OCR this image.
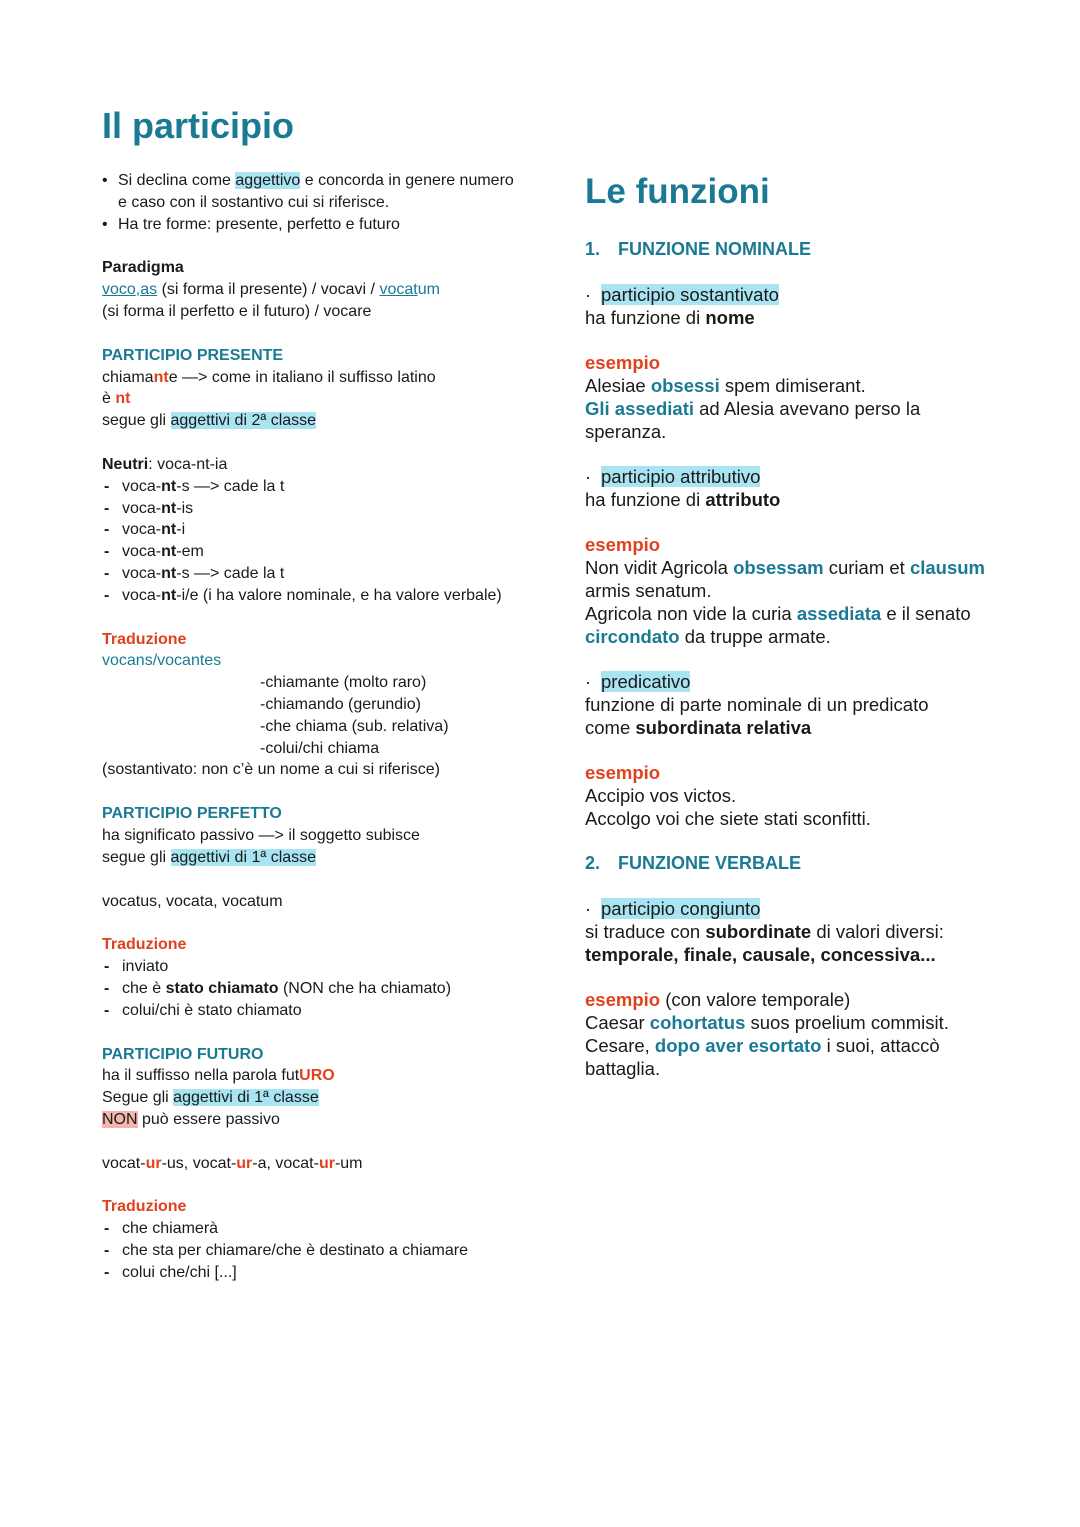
Il participio
• Si declina come aggettivo e concorda in genere numero e caso con il sostantivo cui si riferisce.
• Ha tre forme: presente, perfetto e futuro

Paradigma

voco,as (si forma il presente) / vocavi / vocatum

(si forma il perfetto e il futuro) / vocare

PARTICIPIO PRESENTE

chiamante —> come in italiano il suffisso latino

è nt

segue gli aggettivi di 2ª classe

Neutri: voca-nt-ia

- voca-nt-s —> cade la t
- voca-nt-is
- voca-nt-i
- voca-nt-em
- voca-nt-s —> cade la t
- voca-nt-i/e (i ha valore nominale, e ha valore verbale)

Traduzione

vocans/vocantes

-chiamante (molto raro)

-chiamando (gerundio)

-che chiama (sub. relativa)

-colui/chi chiama

(sostantivato: non c’è un nome a cui si riferisce)

PARTICIPIO PERFETTO

ha significato passivo —> il soggetto subisce

segue gli aggettivi di 1ª classe

vocatus, vocata, vocatum

Traduzione

- inviato
- che è stato chiamato (NON che ha chiamato)
- colui/chi è stato chiamato

PARTICIPIO FUTURO

ha il suffisso nella parola futURO

Segue gli aggettivi di 1ª classe

NON può essere passivo

vocat-ur-us, vocat-ur-a, vocat-ur-um

Traduzione

- che chiamerà
- che sta per chiamare/che è destinato a chiamare
- colui che/chi [...]
Le funzioni

1. FUNZIONE NOMINALE

· participio sostantivato

ha funzione di nome

esempio

Alesiae obsessi spem dimiserant.

Gli assediati ad Alesia avevano perso la speranza.

· participio attributivo

ha funzione di attributo

esempio

Non vidit Agricola obsessam curiam et clausum armis senatum.

Agricola non vide la curia assediata e il senato circondato da truppe armate.

· predicativo

funzione di parte nominale di un predicato

come subordinata relativa

esempio

Accipio vos victos.

Accolgo voi che siete stati sconfitti.

2. FUNZIONE VERBALE

· participio congiunto

si traduce con subordinate di valori diversi:

temporale, finale, causale, concessiva...

esempio (con valore temporale)

Caesar cohortatus suos proelium commisit.

Cesare, dopo aver esortato i suoi, attaccò battaglia.
